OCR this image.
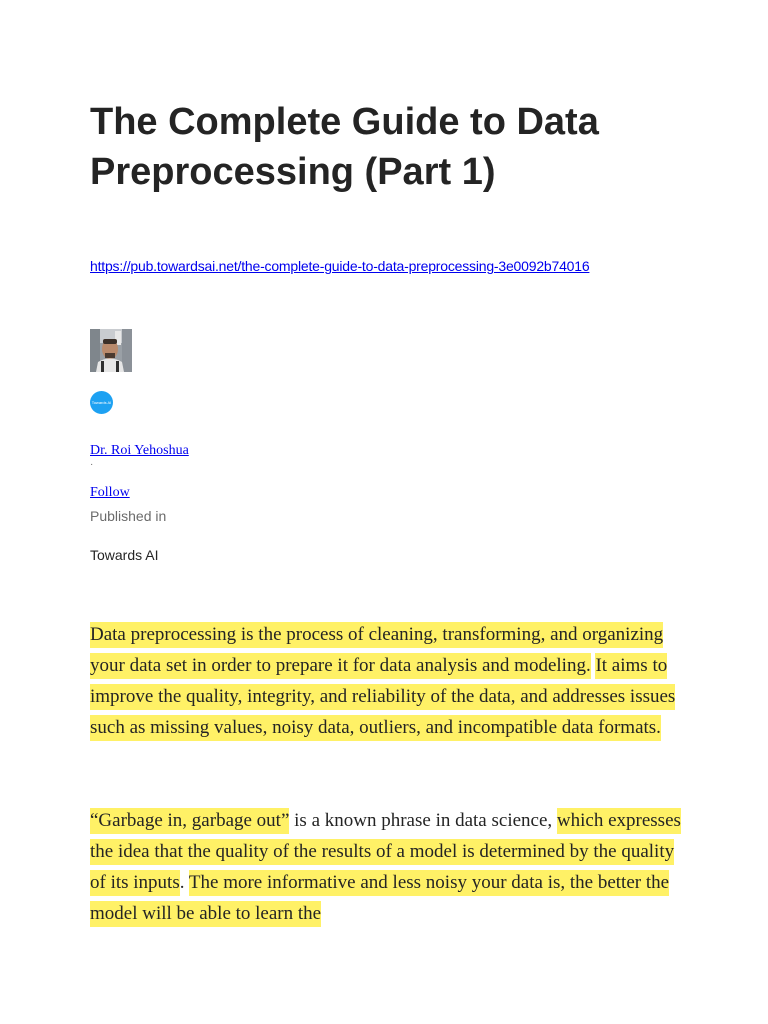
The Complete Guide to Data Preprocessing (Part 1)
https://pub.towardsai.net/the-complete-guide-to-data-preprocessing-3e0092b74016
Towards AI
Dr. Roi Yehoshua
·
Follow
Published in
Towards AI

Data preprocessing is the process of cleaning, transforming, and organizing your data set in order to prepare it for data analysis and modeling. It aims to improve the quality, integrity, and reliability of the data, and addresses issues such as missing values, noisy data, outliers, and incompatible data formats.

“Garbage in, garbage out” is a known phrase in data science, which expresses the idea that the quality of the results of a model is determined by the quality of its inputs. The more informative and less noisy your data is, the better the model will be able to learn the
